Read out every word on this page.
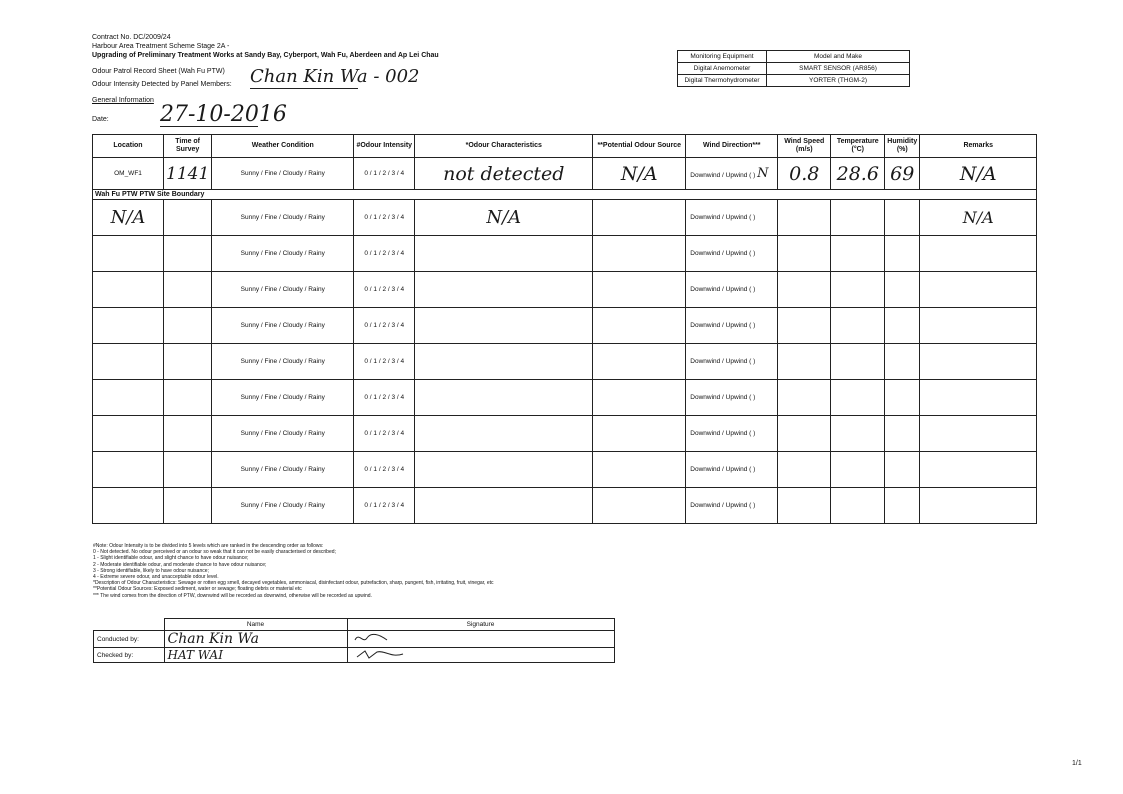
Contract No. DC/2009/24
Harbour Area Treatment Scheme Stage 2A -
Upgrading of Preliminary Treatment Works at Sandy Bay, Cyberport, Wah Fu, Aberdeen and Ap Lei Chau
Odour Patrol Record Sheet (Wah Fu PTW)
Odour Intensity Detected by Panel Members: Chan Kin Wa - 002
General Information
Date: 27-10-2016
Monitoring Equipment	Model and Make
Digital Anemometer	SMART SENSOR (AR856)
Digital Thermohydrometer	YORTER (THGM-2)
Location	Time of Survey	Weather Condition	#Odour Intensity	*Odour Characteristics	**Potential Odour Source	Wind Direction***	Wind Speed (m/s)	Temperature (°C)	Humidity (%)	Remarks
OM_WF1	1141	Sunny / Fine / Cloudy / Rainy	0 / 1 / 2 / 3 / 4	not detected	N/A	Downwind / Upwind ( ) N	0.8	28.6	69	N/A
Wah Fu PTW PTW Site Boundary										
N/A		Sunny / Fine / Cloudy / Rainy	0 / 1 / 2 / 3 / 4	N/A		Downwind / Upwind ( )				N/A
		Sunny / Fine / Cloudy / Rainy	0 / 1 / 2 / 3 / 4			Downwind / Upwind ( )				
		Sunny / Fine / Cloudy / Rainy	0 / 1 / 2 / 3 / 4			Downwind / Upwind ( )				
		Sunny / Fine / Cloudy / Rainy	0 / 1 / 2 / 3 / 4			Downwind / Upwind ( )				
		Sunny / Fine / Cloudy / Rainy	0 / 1 / 2 / 3 / 4			Downwind / Upwind ( )				
		Sunny / Fine / Cloudy / Rainy	0 / 1 / 2 / 3 / 4			Downwind / Upwind ( )				
		Sunny / Fine / Cloudy / Rainy	0 / 1 / 2 / 3 / 4			Downwind / Upwind ( )				
		Sunny / Fine / Cloudy / Rainy	0 / 1 / 2 / 3 / 4			Downwind / Upwind ( )				
		Sunny / Fine / Cloudy / Rainy	0 / 1 / 2 / 3 / 4			Downwind / Upwind ( )				
#Note: Odour Intensity is to be divided into 5 levels which are ranked in the descending order as follows:
0 - Not detected. No odour perceived or an odour so weak that it can not be easily characterised or described;
1 - Slight identifiable odour, and slight chance to have odour nuisance;
2 - Moderate identifiable odour, and moderate chance to have odour nuisance;
3 - Strong identifiable, likely to have odour nuisance;
4 - Extreme severe odour, and unacceptable odour level.
*Description of Odour Characteristics: Sewage or rotten egg smell, decayed vegetables, ammoniacal, disinfectant odour, putrefaction, sharp, pungent, fish, irritating, fruit, vinegar, etc
**Potential Odour Sources: Exposed sediment, water or sewage; floating debris or material etc
*** The wind comes from the direction of PTW, downwind will be recorded as downwind, otherwise will be recorded as upwind.
	Name	Signature
Conducted by:	Chan Kin Wa	
Checked by:	HAT WAI	
1/1
